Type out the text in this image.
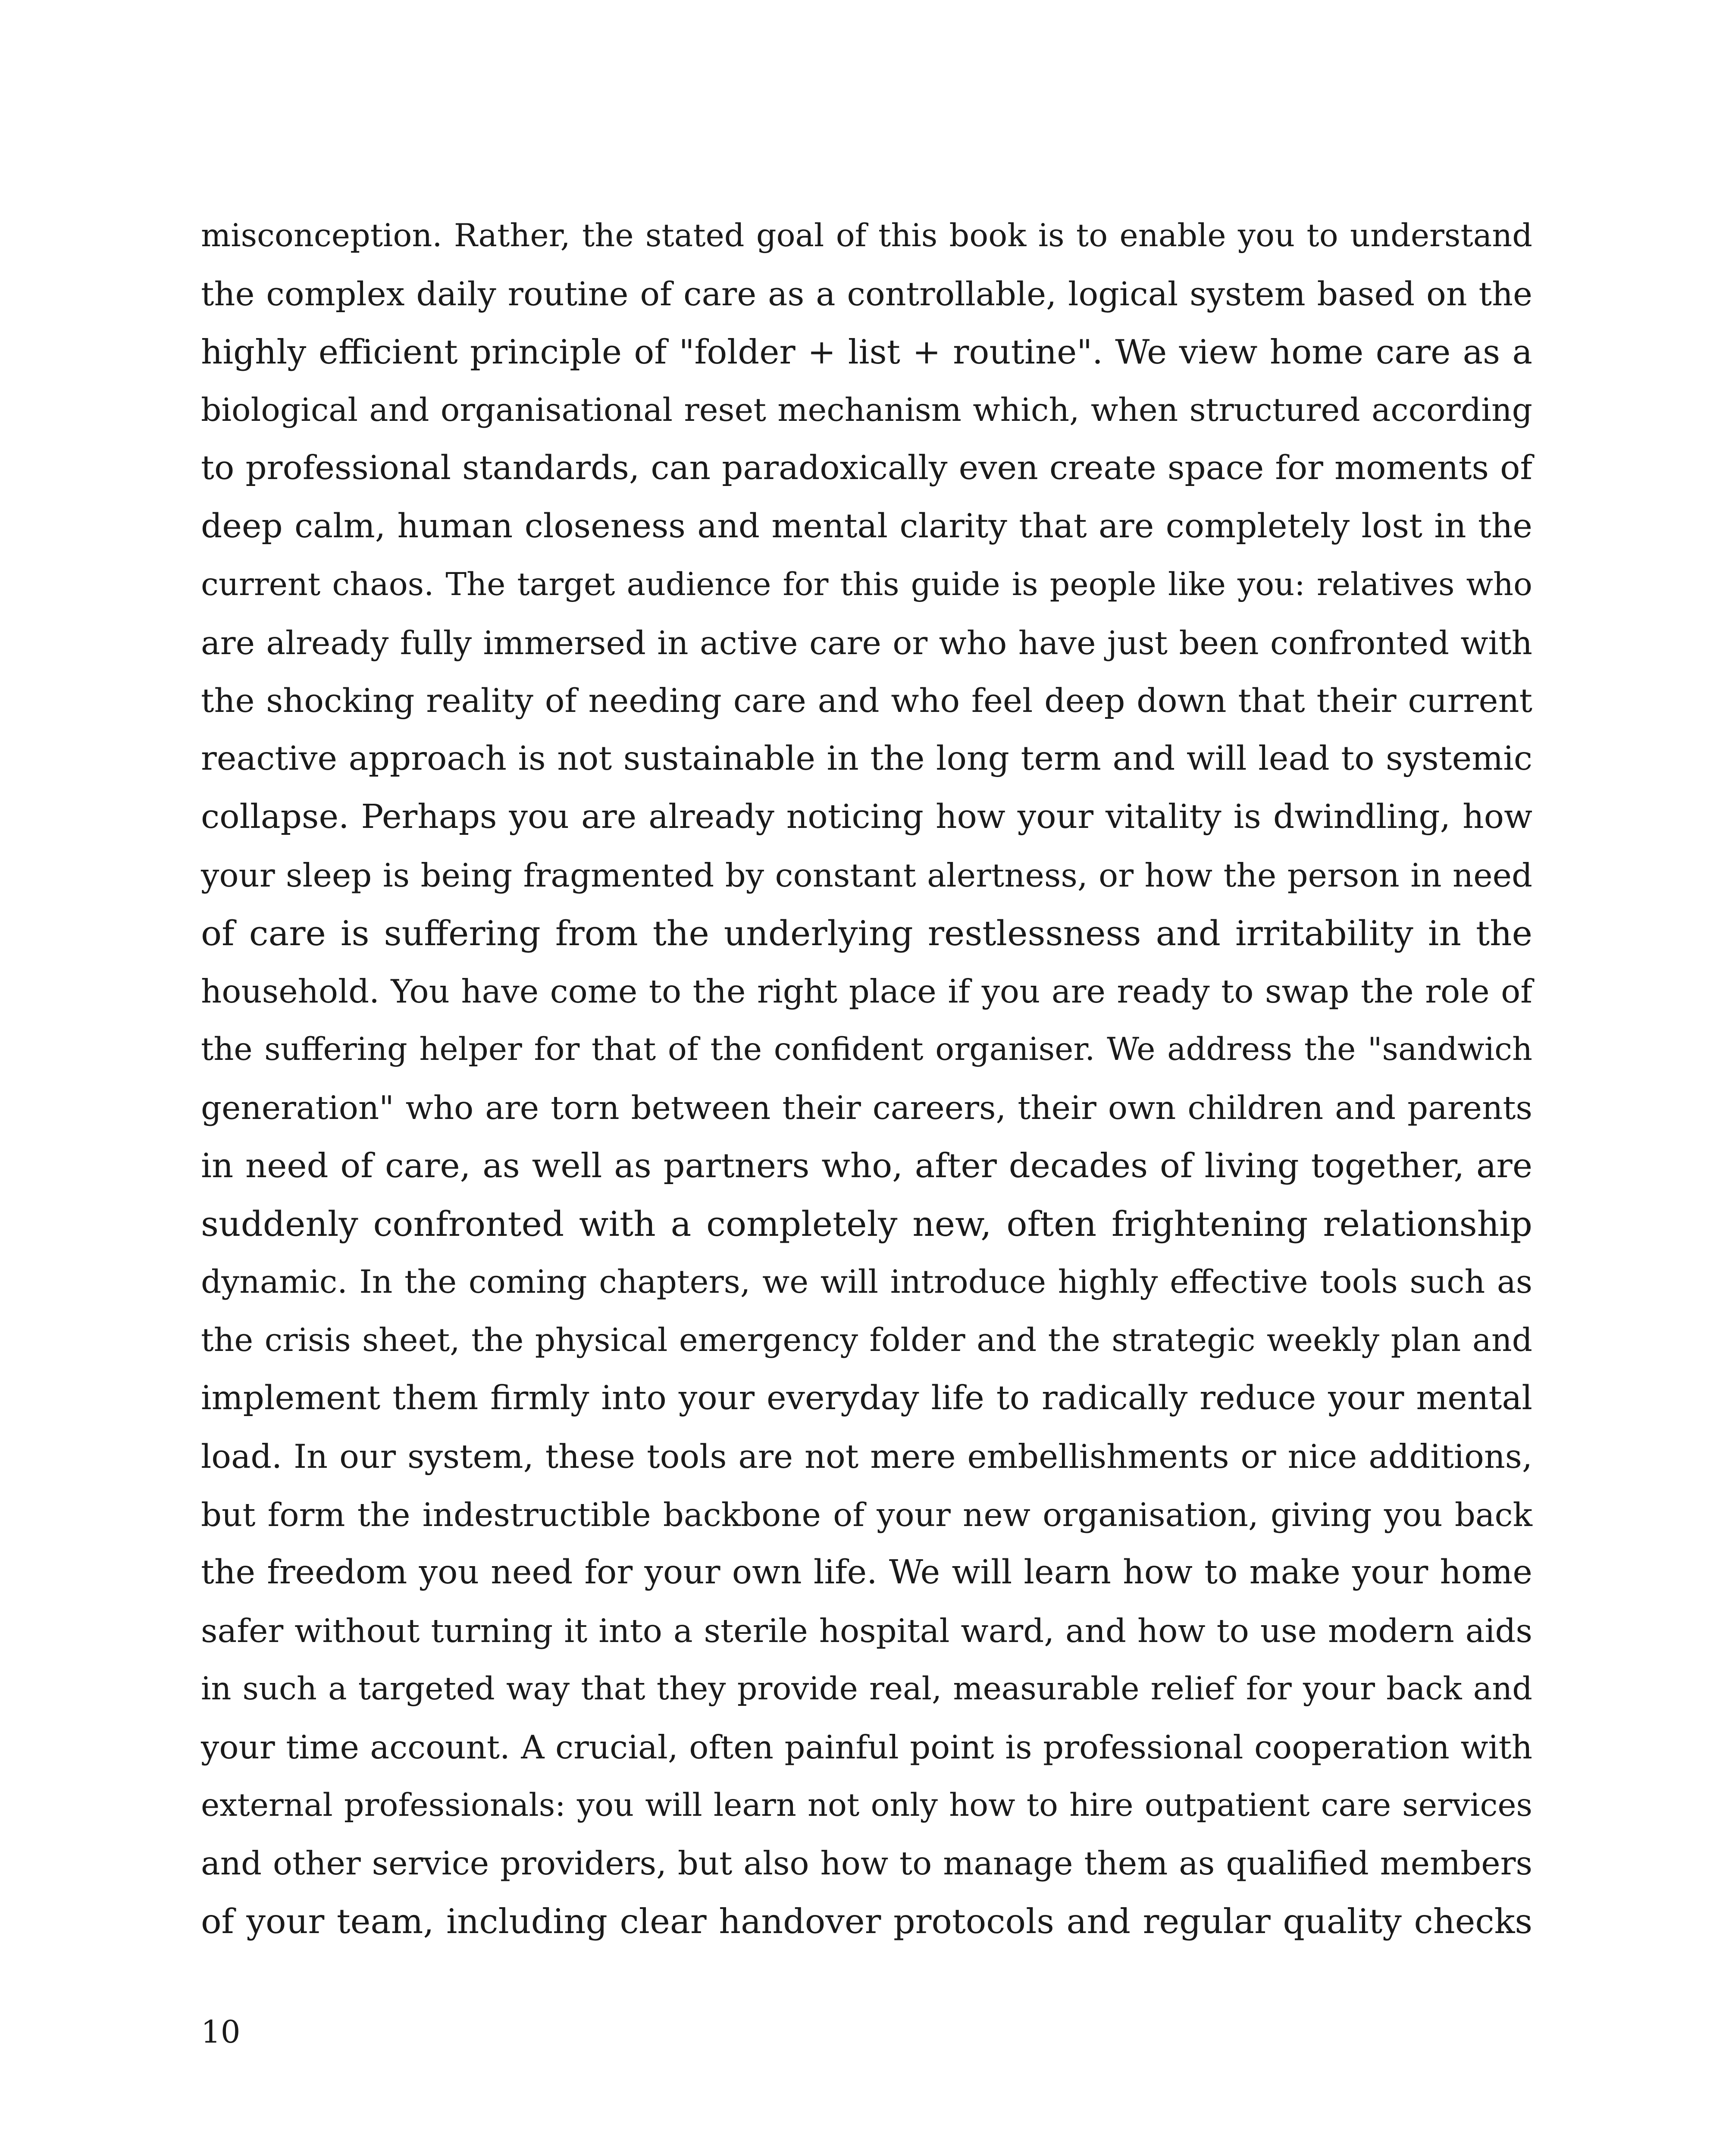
misconception. Rather, the stated goal of this book is to enable you to understand
the complex daily routine of care as a controllable, logical system based on the
highly efficient principle of "folder + list + routine". We view home care as a
biological and organisational reset mechanism which, when structured according
to professional standards, can paradoxically even create space for moments of
deep calm, human closeness and mental clarity that are completely lost in the
current chaos. The target audience for this guide is people like you: relatives who
are already fully immersed in active care or who have just been confronted with
the shocking reality of needing care and who feel deep down that their current
reactive approach is not sustainable in the long term and will lead to systemic
collapse. Perhaps you are already noticing how your vitality is dwindling, how
your sleep is being fragmented by constant alertness, or how the person in need
of care is suffering from the underlying restlessness and irritability in the
household. You have come to the right place if you are ready to swap the role of
the suffering helper for that of the confident organiser. We address the "sandwich
generation" who are torn between their careers, their own children and parents
in need of care, as well as partners who, after decades of living together, are
suddenly confronted with a completely new, often frightening relationship
dynamic. In the coming chapters, we will introduce highly effective tools such as
the crisis sheet, the physical emergency folder and the strategic weekly plan and
implement them firmly into your everyday life to radically reduce your mental
load. In our system, these tools are not mere embellishments or nice additions,
but form the indestructible backbone of your new organisation, giving you back
the freedom you need for your own life. We will learn how to make your home
safer without turning it into a sterile hospital ward, and how to use modern aids
in such a targeted way that they provide real, measurable relief for your back and
your time account. A crucial, often painful point is professional cooperation with
external professionals: you will learn not only how to hire outpatient care services
and other service providers, but also how to manage them as qualified members
of your team, including clear handover protocols and regular quality checks
10
